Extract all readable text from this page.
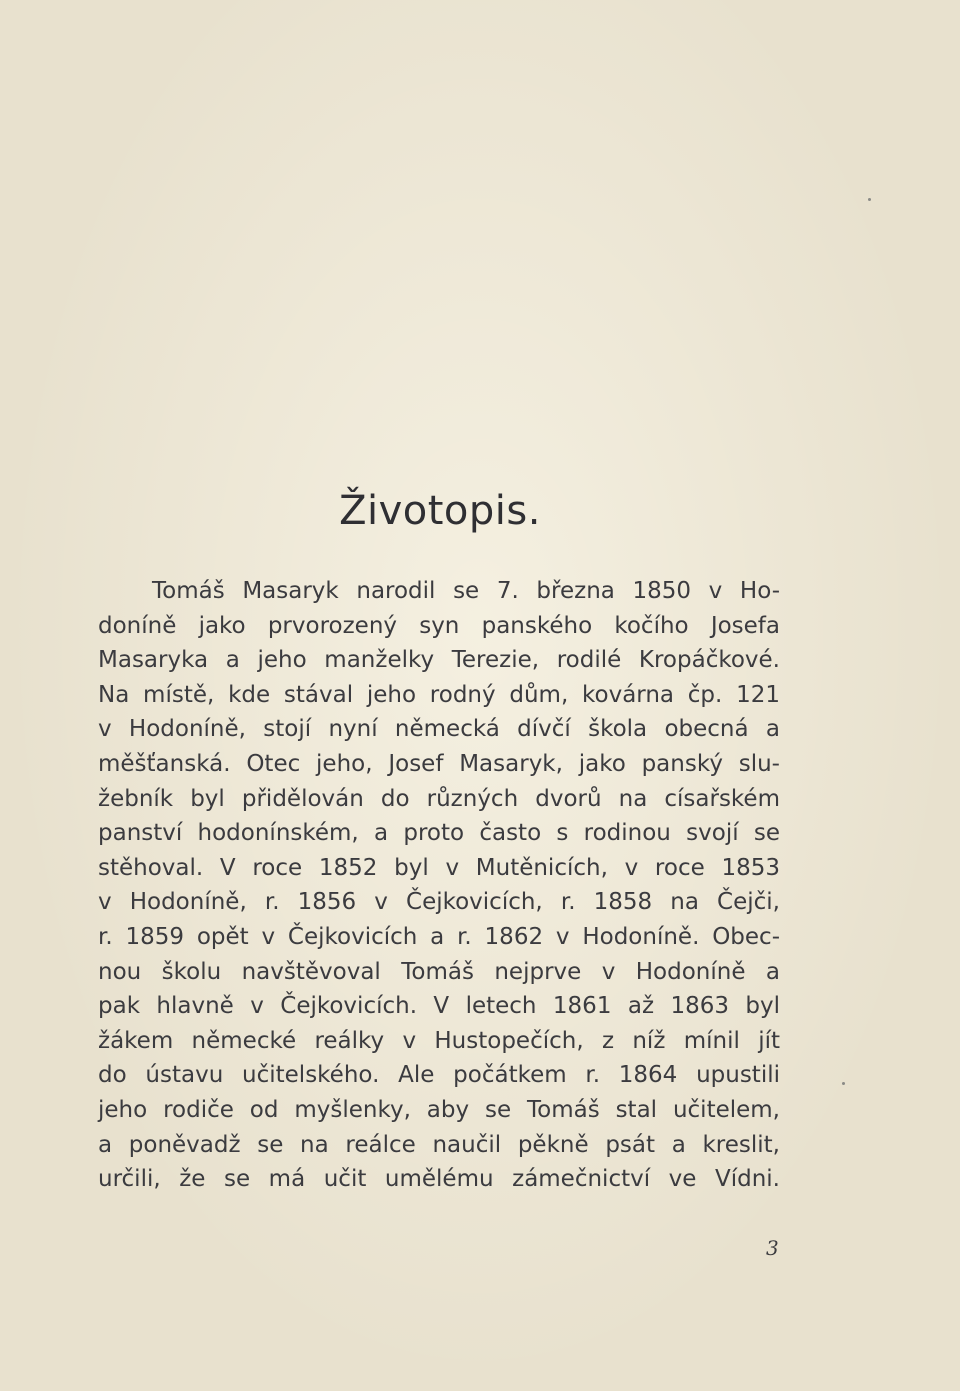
Životopis.
Tomáš Masaryk narodil se 7. března 1850 v Ho-
doníně jako prvorozený syn panského kočího Josefa
Masaryka a jeho manželky Terezie, rodilé Kropáčkové.
Na místě, kde stával jeho rodný dům, kovárna čp. 121
v Hodoníně, stojí nyní německá dívčí škola obecná a
měšťanská. Otec jeho, Josef Masaryk, jako panský slu-
žebník byl přidělován do různých dvorů na císařském
panství hodonínském, a proto často s rodinou svojí se
stěhoval. V roce 1852 byl v Mutěnicích, v roce 1853
v Hodoníně, r. 1856 v Čejkovicích, r. 1858 na Čejči,
r. 1859 opět v Čejkovicích a r. 1862 v Hodoníně. Obec-
nou školu navštěvoval Tomáš nejprve v Hodoníně a
pak hlavně v Čejkovicích. V letech 1861 až 1863 byl
žákem německé reálky v Hustopečích, z níž mínil jít
do ústavu učitelského. Ale počátkem r. 1864 upustili
jeho rodiče od myšlenky, aby se Tomáš stal učitelem,
a poněvadž se na reálce naučil pěkně psát a kreslit,
určili, že se má učit umělému zámečnictví ve Vídni.
3
